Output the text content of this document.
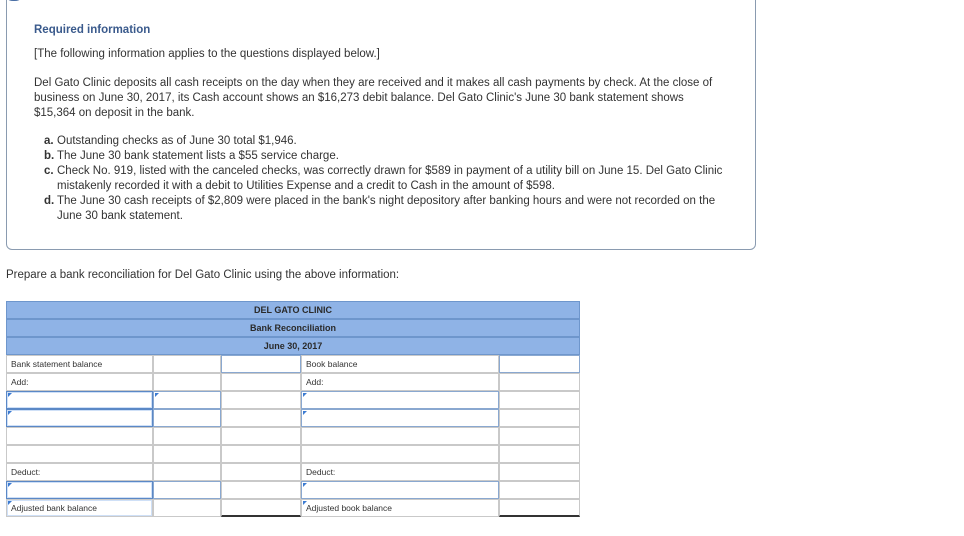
Required information
[The following information applies to the questions displayed below.]
Del Gato Clinic deposits all cash receipts on the day when they are received and it makes all cash payments by check. At the close of business on June 30, 2017, its Cash account shows an $16,273 debit balance. Del Gato Clinic's June 30 bank statement shows $15,364 on deposit in the bank.
a. Outstanding checks as of June 30 total $1,946.
b. The June 30 bank statement lists a $55 service charge.
c. Check No. 919, listed with the canceled checks, was correctly drawn for $589 in payment of a utility bill on June 15. Del Gato Clinic mistakenly recorded it with a debit to Utilities Expense and a credit to Cash in the amount of $598.
d. The June 30 cash receipts of $2,809 were placed in the bank's night depository after banking hours and were not recorded on the June 30 bank statement.
Prepare a bank reconciliation for Del Gato Clinic using the above information:
DEL GATO CLINIC
Bank Reconciliation
June 30, 2017
Bank statement balance	Book balance
Add:	Add:
Deduct:	Deduct:
Adjusted bank balance	Adjusted book balance
